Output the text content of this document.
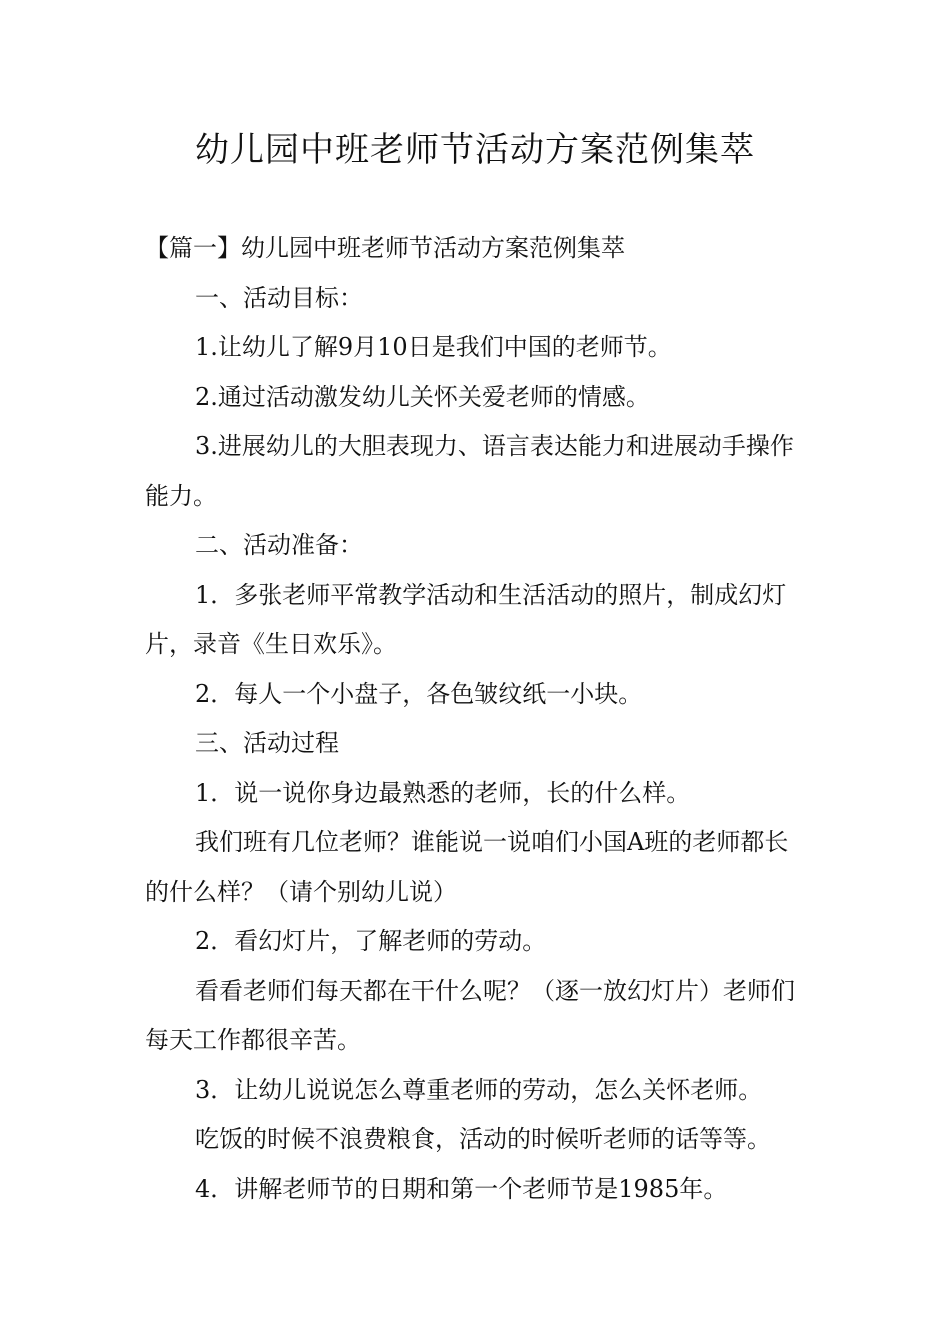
幼儿园中班老师节活动方案范例集萃

【篇一】幼儿园中班老师节活动方案范例集萃

一、活动目标：

1.让幼儿了解9月10日是我们中国的老师节。

2.通过活动激发幼儿关怀关爱老师的情感。

3.进展幼儿的大胆表现力、语言表达能力和进展动手操作能力。

二、活动准备：

1．多张老师平常教学活动和生活活动的照片，制成幻灯片，录音《生日欢乐》。

2．每人一个小盘子，各色皱纹纸一小块。

三、活动过程

1．说一说你身边最熟悉的老师，长的什么样。

我们班有几位老师？谁能说一说咱们小国A班的老师都长的什么样？（请个别幼儿说）

2．看幻灯片，了解老师的劳动。

看看老师们每天都在干什么呢？（逐一放幻灯片）老师们每天工作都很辛苦。

3．让幼儿说说怎么尊重老师的劳动，怎么关怀老师。

吃饭的时候不浪费粮食，活动的时候听老师的话等等。

4．讲解老师节的日期和第一个老师节是1985年。
